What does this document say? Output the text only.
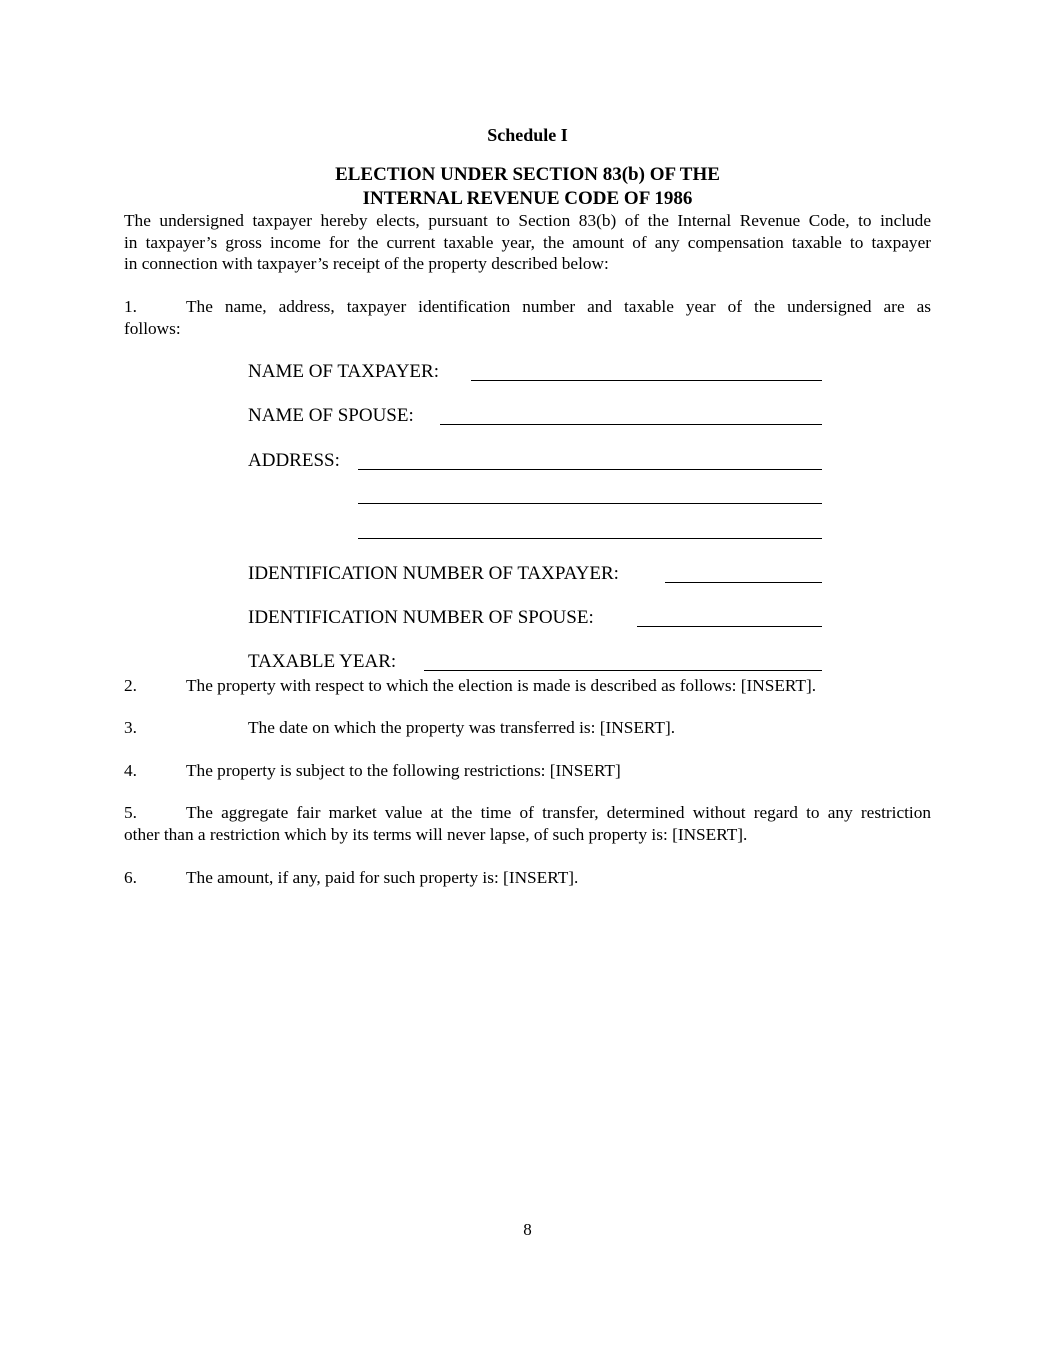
Schedule I

ELECTION UNDER SECTION 83(b) OF THE

INTERNAL REVENUE CODE OF 1986

The undersigned taxpayer hereby elects, pursuant to Section 83(b) of the Internal Revenue Code, to include
in taxpayer’s gross income for the current taxable year, the amount of any compensation taxable to taxpayer
in connection with taxpayer’s receipt of the property described below:
1.	The name, address, taxpayer identification number and taxable year of the undersigned are as
follows:

NAME OF TAXPAYER:

NAME OF SPOUSE:

ADDRESS:

IDENTIFICATION NUMBER OF TAXPAYER:

IDENTIFICATION NUMBER OF SPOUSE:

TAXABLE YEAR:

2.	The property with respect to which the election is made is described as follows: [INSERT].

3.	The date on which the property was transferred is: [INSERT].

4.	The property is subject to the following restrictions: [INSERT]

5.	The aggregate fair market value at the time of transfer, determined without regard to any restriction
other than a restriction which by its terms will never lapse, of such property is: [INSERT].

6.	The amount, if any, paid for such property is: [INSERT].

8
